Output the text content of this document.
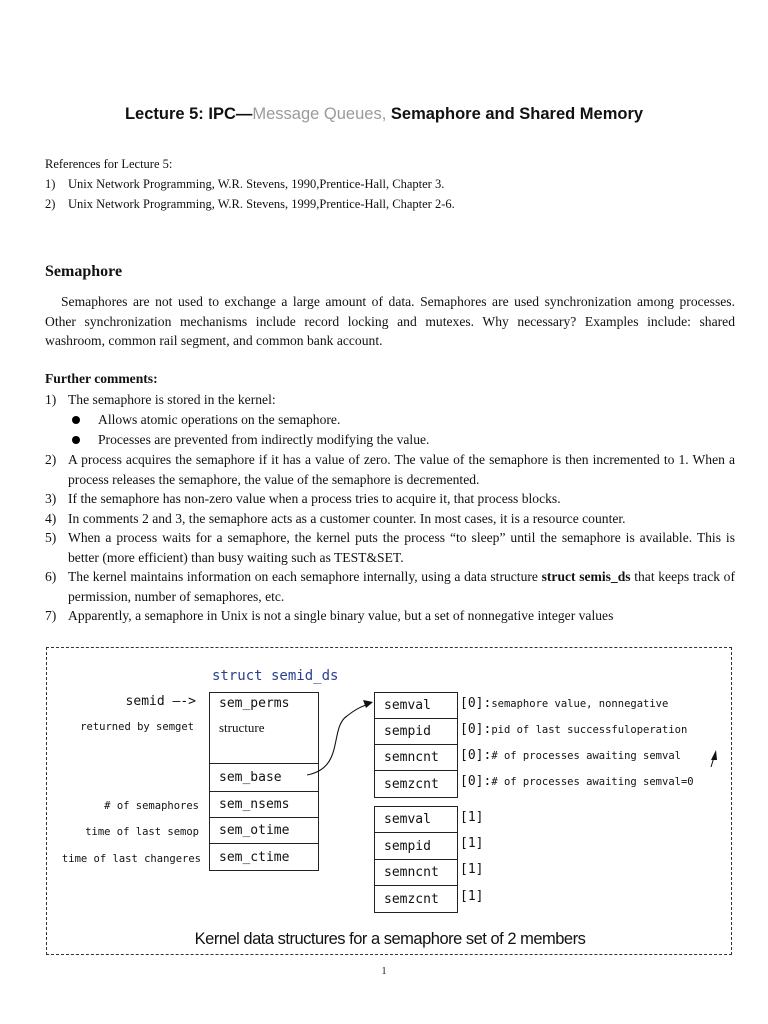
Lecture 5: IPC—Message Queues, Semaphore and Shared Memory
References for Lecture 5:
1) Unix Network Programming, W.R. Stevens, 1990,Prentice-Hall, Chapter 3.
2) Unix Network Programming, W.R. Stevens, 1999,Prentice-Hall, Chapter 2-6.
Semaphore
Semaphores are not used to exchange a large amount of data. Semaphores are used synchronization among processes. Other synchronization mechanisms include record locking and mutexes. Why necessary? Examples include: shared washroom, common rail segment, and common bank account.
Further comments:
1) The semaphore is stored in the kernel:
Allows atomic operations on the semaphore.
Processes are prevented from indirectly modifying the value.
2) A process acquires the semaphore if it has a value of zero. The value of the semaphore is then incremented to 1. When a process releases the semaphore, the value of the semaphore is decremented.
3) If the semaphore has non-zero value when a process tries to acquire it, that process blocks.
4) In comments 2 and 3, the semaphore acts as a customer counter. In most cases, it is a resource counter.
5) When a process waits for a semaphore, the kernel puts the process “to sleep” until the semaphore is available. This is better (more efficient) than busy waiting such as TEST&SET.
6) The kernel maintains information on each semaphore internally, using a data structure struct semis_ds that keeps track of permission, number of semaphores, etc.
7) Apparently, a semaphore in Unix is not a single binary value, but a set of nonnegative integer values
struct semid_ds
semid —->
returned by semget
# of semaphores
time of last semop
time of last changeres
sem_perms
structure
sem_base
sem_nsems
sem_otime
sem_ctime
semval
sempid
semncnt
semzcnt
[0]:semaphore value, nonnegative
[0]:pid of last successfuloperation
[0]:# of processes awaiting semval
[0]:# of processes awaiting semval=0
semval
sempid
semncnt
semzcnt
[1]
[1]
[1]
[1]
Kernel data structures for a semaphore set of 2 members
1
